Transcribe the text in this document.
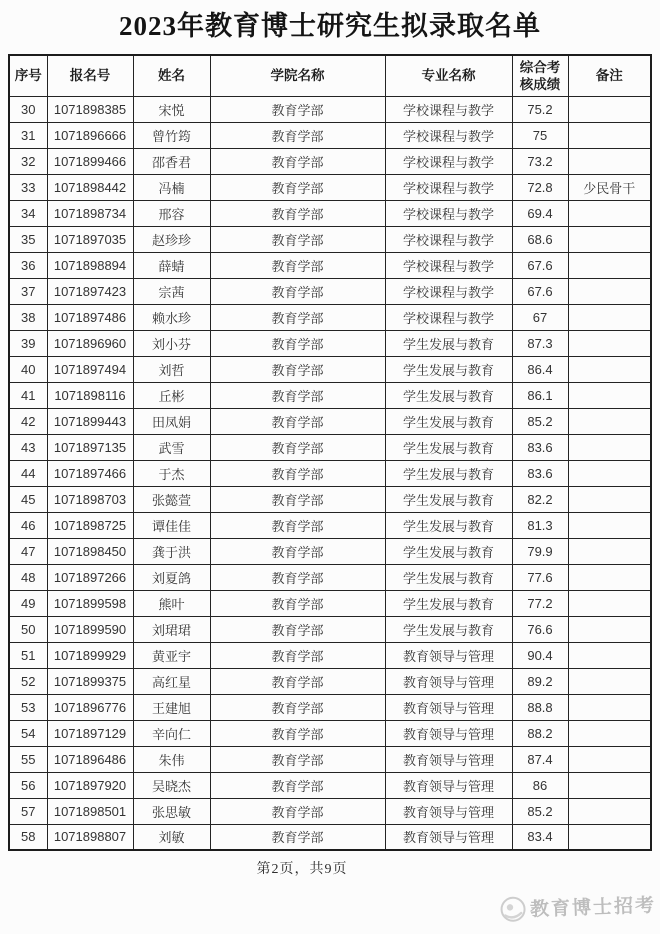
2023年教育博士研究生拟录取名单
序号	报名号	姓名	学院名称	专业名称	综合考核成绩	备注
30	1071898385	宋悦	教育学部	学校课程与教学	75.2	
31	1071896666	曾竹筠	教育学部	学校课程与教学	75	
32	1071899466	邵香君	教育学部	学校课程与教学	73.2	
33	1071898442	冯楠	教育学部	学校课程与教学	72.8	少民骨干
34	1071898734	邢容	教育学部	学校课程与教学	69.4	
35	1071897035	赵珍珍	教育学部	学校课程与教学	68.6	
36	1071898894	薛蜻	教育学部	学校课程与教学	67.6	
37	1071897423	宗茜	教育学部	学校课程与教学	67.6	
38	1071897486	赖水珍	教育学部	学校课程与教学	67	
39	1071896960	刘小芬	教育学部	学生发展与教育	87.3	
40	1071897494	刘哲	教育学部	学生发展与教育	86.4	
41	1071898116	丘彬	教育学部	学生发展与教育	86.1	
42	1071899443	田凤娟	教育学部	学生发展与教育	85.2	
43	1071897135	武雪	教育学部	学生发展与教育	83.6	
44	1071897466	于杰	教育学部	学生发展与教育	83.6	
45	1071898703	张懿萱	教育学部	学生发展与教育	82.2	
46	1071898725	谭佳佳	教育学部	学生发展与教育	81.3	
47	1071898450	龚于洪	教育学部	学生发展与教育	79.9	
48	1071897266	刘夏鸽	教育学部	学生发展与教育	77.6	
49	1071899598	熊叶	教育学部	学生发展与教育	77.2	
50	1071899590	刘珺珺	教育学部	学生发展与教育	76.6	
51	1071899929	黄亚宇	教育学部	教育领导与管理	90.4	
52	1071899375	高红星	教育学部	教育领导与管理	89.2	
53	1071896776	王建旭	教育学部	教育领导与管理	88.8	
54	1071897129	辛向仁	教育学部	教育领导与管理	88.2	
55	1071896486	朱伟	教育学部	教育领导与管理	87.4	
56	1071897920	吴晓杰	教育学部	教育领导与管理	86	
57	1071898501	张思敏	教育学部	教育领导与管理	85.2	
58	1071898807	刘敏	教育学部	教育领导与管理	83.4	
第2页，共9页
教育博士招考
